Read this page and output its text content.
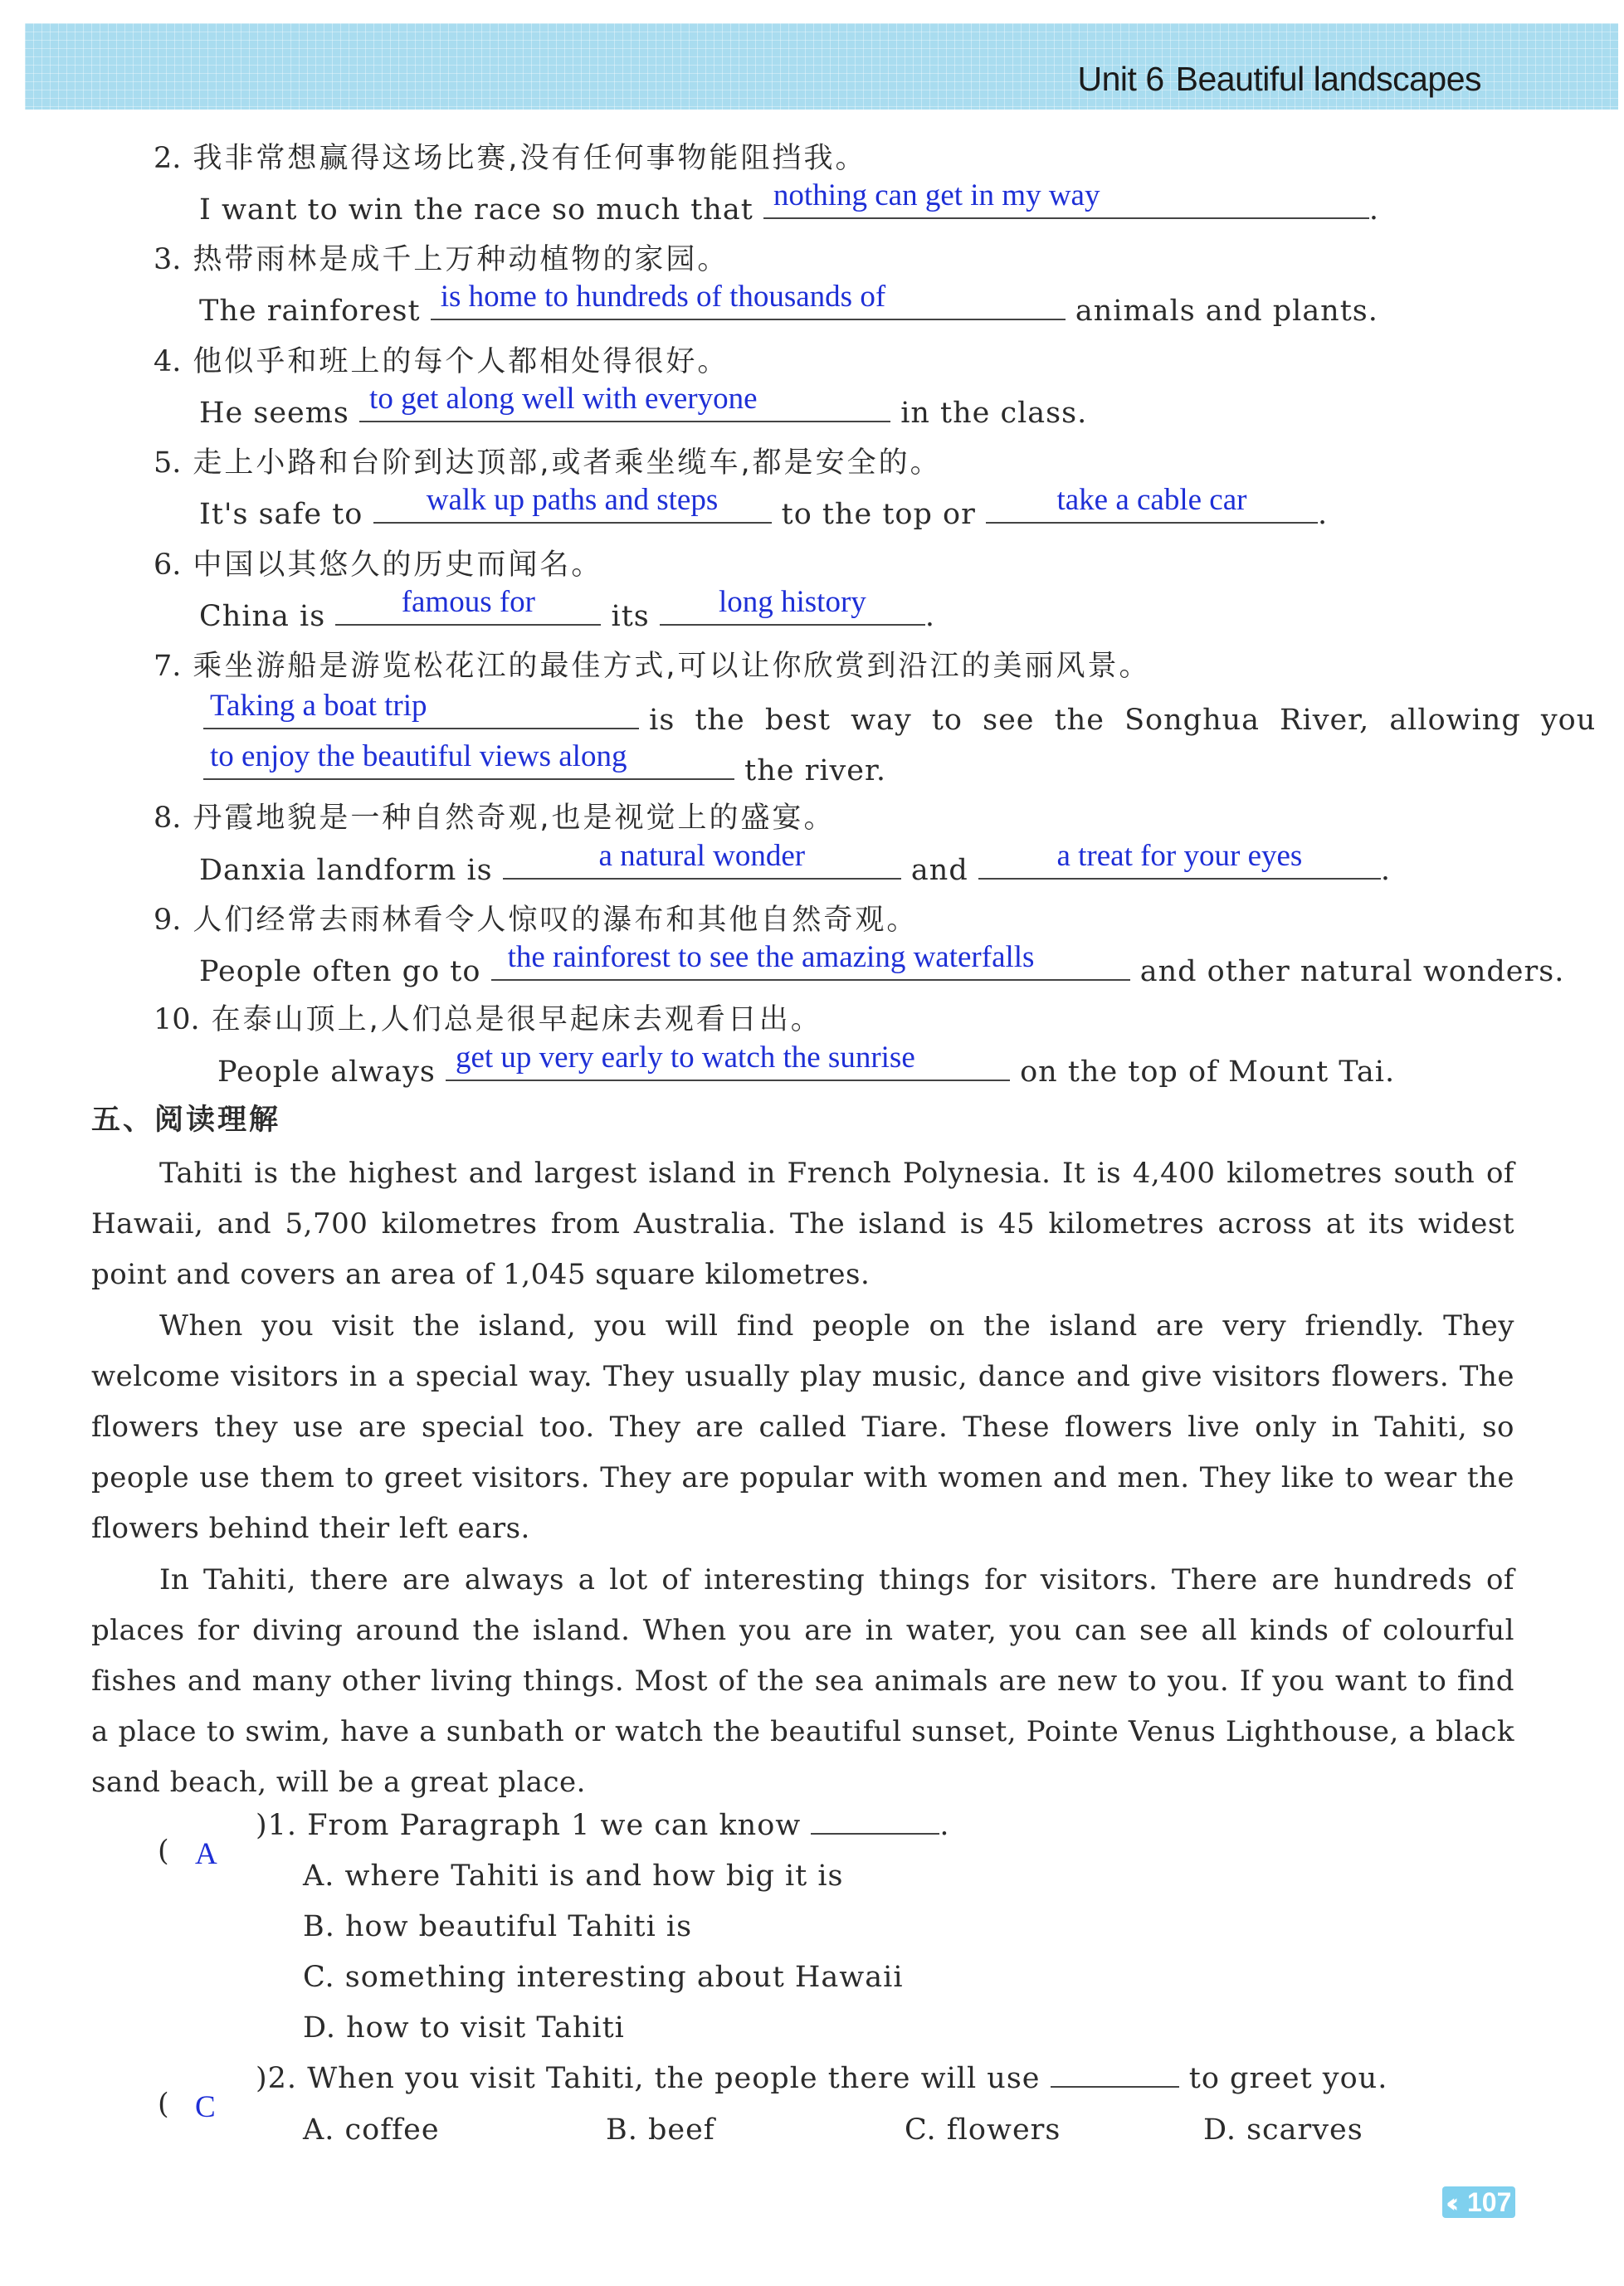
Unit 6 Beautiful landscapes
2. 我非常想赢得这场比赛,没有任何事物能阻挡我。
I want to win the race so much that nothing can get in my way	.
3. 热带雨林是成千上万种动植物的家园。
The rainforest is home to hundreds of thousands of	animals and plants.
4. 他似乎和班上的每个人都相处得很好。
He seems to get along well with everyone	in the class.
5. 走上小路和台阶到达顶部,或者乘坐缆车,都是安全的。
It's safe to	walk up paths and steps	to the top or	take a cable car	.
6. 中国以其悠久的历史而闻名。
China is	famous for	its	long history	.
7. 乘坐游船是游览松花江的最佳方式,可以让你欣赏到沿江的美丽风景。
Taking a boat trip	is the best way to see the Songhua River, allowing you
to enjoy the beautiful views along	the river.
8. 丹霞地貌是一种自然奇观,也是视觉上的盛宴。
Danxia landform is	a natural wonder	and	a treat for your eyes	.
9. 人们经常去雨林看令人惊叹的瀑布和其他自然奇观。
People often go to the rainforest to see the amazing waterfalls	and other natural wonders.
10. 在泰山顶上,人们总是很早起床去观看日出。
People always get up very early to watch the sunrise	on the top of Mount Tai.
五、阅读理解
Tahiti is the highest and largest island in French Polynesia. It is 4,400 kilometres south of Hawaii, and 5,700 kilometres from Australia. The island is 45 kilometres across at its widest point and covers an area of 1,045 square kilometres.
When you visit the island, you will find people on the island are very friendly. They welcome visitors in a special way. They usually play music, dance and give visitors flowers. The flowers they use are special too. They are called Tiare. These flowers live only in Tahiti, so people use them to greet visitors. They are popular with women and men. They like to wear the flowers behind their left ears.
In Tahiti, there are always a lot of interesting things for visitors. There are hundreds of places for diving around the island. When you are in water, you can see all kinds of colourful fishes and many other living things. Most of the sea animals are new to you. If you want to find a place to swim, have a sunbath or watch the beautiful sunset, Pointe Venus Lighthouse, a black sand beach, will be a great place.
( A
)1. From Paragraph 1 we can know	.
A. where Tahiti is and how big it is
B. how beautiful Tahiti is
C. something interesting about Hawaii
D. how to visit Tahiti
( C
)2. When you visit Tahiti, the people there will use	to greet you.
A. coffee	B. beef	C. flowers	D. scarves
‹‹ 107
